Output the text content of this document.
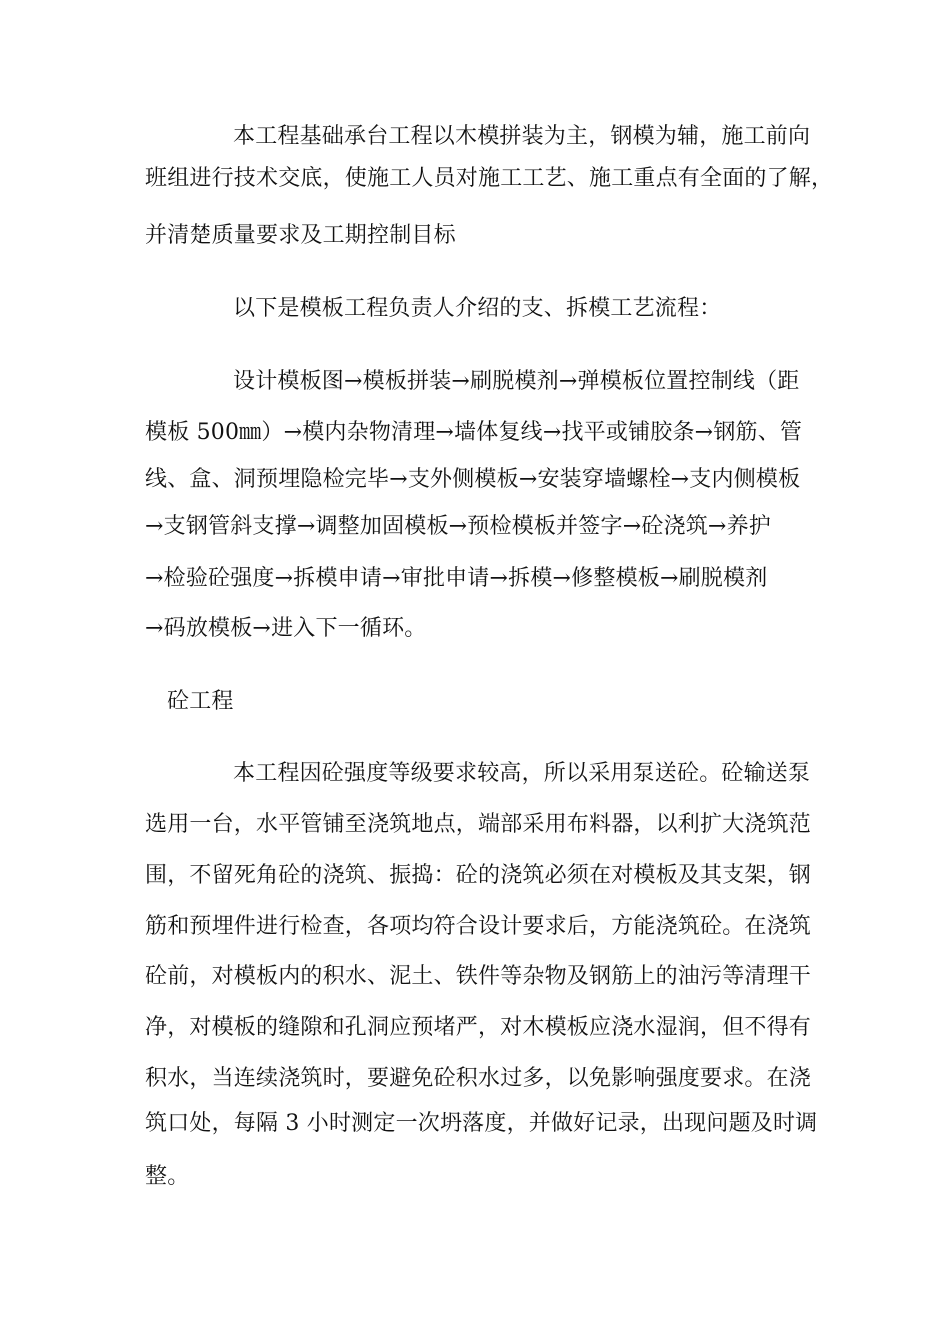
本工程基础承台工程以木模拼装为主，钢模为辅，施工前向
班组进行技术交底，使施工人员对施工工艺、施工重点有全面的了解，
并清楚质量要求及工期控制目标
以下是模板工程负责人介绍的支、拆模工艺流程：
设计模板图→模板拼装→刷脱模剂→弹模板位置控制线（距
模板 500㎜）→模内杂物清理→墙体复线→找平或铺胶条→钢筋、管
线、盒、洞预埋隐检完毕→支外侧模板→安装穿墙螺栓→支内侧模板
→支钢管斜支撑→调整加固模板→预检模板并签字→砼浇筑→养护
→检验砼强度→拆模申请→审批申请→拆模→修整模板→刷脱模剂
→码放模板→进入下一循环。
砼工程
本工程因砼强度等级要求较高，所以采用泵送砼。砼输送泵
选用一台，水平管铺至浇筑地点，端部采用布料器，以利扩大浇筑范
围，不留死角砼的浇筑、振捣：砼的浇筑必须在对模板及其支架，钢
筋和预埋件进行检查，各项均符合设计要求后，方能浇筑砼。在浇筑
砼前，对模板内的积水、泥土、铁件等杂物及钢筋上的油污等清理干
净，对模板的缝隙和孔洞应预堵严，对木模板应浇水湿润，但不得有
积水，当连续浇筑时，要避免砼积水过多，以免影响强度要求。在浇
筑口处，每隔 3 小时测定一次坍落度，并做好记录，出现问题及时调
整。
